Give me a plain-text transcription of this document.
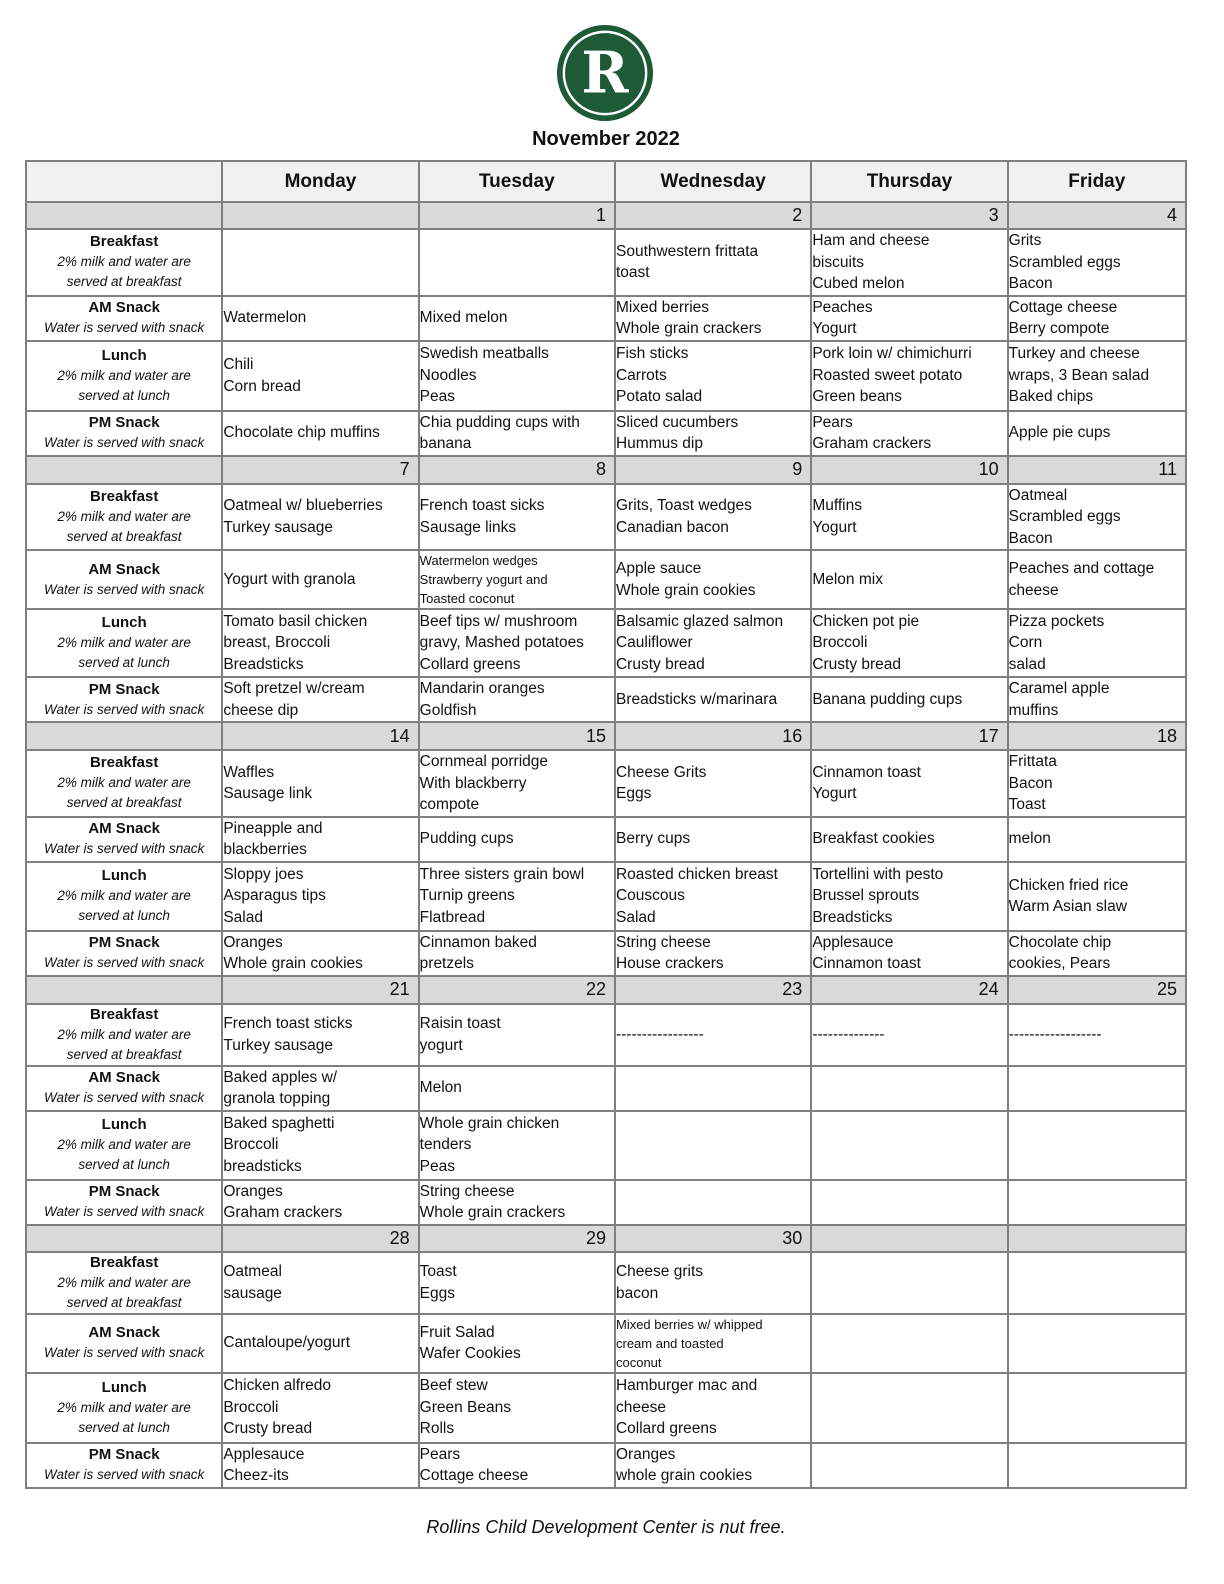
R
November 2022
	Monday	Tuesday	Wednesday	Thursday	Friday
		1	2	3	4

Breakfast
2% milk and water are
served at breakfast			Southwestern frittata
toast	Ham and cheese
biscuits
Cubed melon	Grits
Scrambled eggs
Bacon

AM Snack
Water is served with snack	Watermelon	Mixed melon	Mixed berries
Whole grain crackers	Peaches
Yogurt	Cottage cheese
Berry compote

Lunch
2% milk and water are
served at lunch	Chili
Corn bread	Swedish meatballs
Noodles
Peas	Fish sticks
Carrots
Potato salad	Pork loin w/ chimichurri
Roasted sweet potato
Green beans	Turkey and cheese
wraps, 3 Bean salad
Baked chips

PM Snack
Water is served with snack	Chocolate chip muffins	Chia pudding cups with
banana	Sliced cucumbers
Hummus dip	Pears
Graham crackers	Apple pie cups

	7	8	9	10	11

Breakfast
2% milk and water are
served at breakfast	Oatmeal w/ blueberries
Turkey sausage	French toast sicks
Sausage links	Grits, Toast wedges
Canadian bacon	Muffins
Yogurt	Oatmeal
Scrambled eggs
Bacon

AM Snack
Water is served with snack	Yogurt with granola	Watermelon wedges
Strawberry yogurt and
Toasted coconut	Apple sauce
Whole grain cookies	Melon mix	Peaches and cottage
cheese

Lunch
2% milk and water are
served at lunch	Tomato basil chicken
breast, Broccoli
Breadsticks	Beef tips w/ mushroom
gravy, Mashed potatoes
Collard greens	Balsamic glazed salmon
Cauliflower
Crusty bread	Chicken pot pie
Broccoli
Crusty bread	Pizza pockets
Corn
salad

PM Snack
Water is served with snack	Soft pretzel w/cream
cheese dip	Mandarin oranges
Goldfish	Breadsticks w/marinara	Banana pudding cups	Caramel apple
muffins

	14	15	16	17	18

Breakfast
2% milk and water are
served at breakfast	Waffles
Sausage link	Cornmeal porridge
With blackberry
compote	Cheese Grits
Eggs	Cinnamon toast
Yogurt	Frittata
Bacon
Toast

AM Snack
Water is served with snack	Pineapple and
blackberries	Pudding cups	Berry cups	Breakfast cookies	melon

Lunch
2% milk and water are
served at lunch	Sloppy joes
Asparagus tips
Salad	Three sisters grain bowl
Turnip greens
Flatbread	Roasted chicken breast
Couscous
Salad	Tortellini with pesto
Brussel sprouts
Breadsticks	Chicken fried rice
Warm Asian slaw

PM Snack
Water is served with snack	Oranges
Whole grain cookies	Cinnamon baked
pretzels	String cheese
House crackers	Applesauce
Cinnamon toast	Chocolate chip
cookies, Pears

	21	22	23	24	25

Breakfast
2% milk and water are
served at breakfast	French toast sticks
Turkey sausage	Raisin toast
yogurt	-----------------	--------------	------------------

AM Snack
Water is served with snack	Baked apples w/
granola topping	Melon			

Lunch
2% milk and water are
served at lunch	Baked spaghetti
Broccoli
breadsticks	Whole grain chicken
tenders
Peas			

PM Snack
Water is served with snack	Oranges
Graham crackers	String cheese
Whole grain crackers			

	28	29	30		

Breakfast
2% milk and water are
served at breakfast	Oatmeal
sausage	Toast
Eggs	Cheese grits
bacon		

AM Snack
Water is served with snack	Cantaloupe/yogurt	Fruit Salad
Wafer Cookies	Mixed berries w/ whipped
cream and toasted
coconut		

Lunch
2% milk and water are
served at lunch	Chicken alfredo
Broccoli
Crusty bread	Beef stew
Green Beans
Rolls	Hamburger mac and
cheese
Collard greens		

PM Snack
Water is served with snack	Applesauce
Cheez-its	Pears
Cottage cheese	Oranges
whole grain cookies		

Rollins Child Development Center is nut free.
